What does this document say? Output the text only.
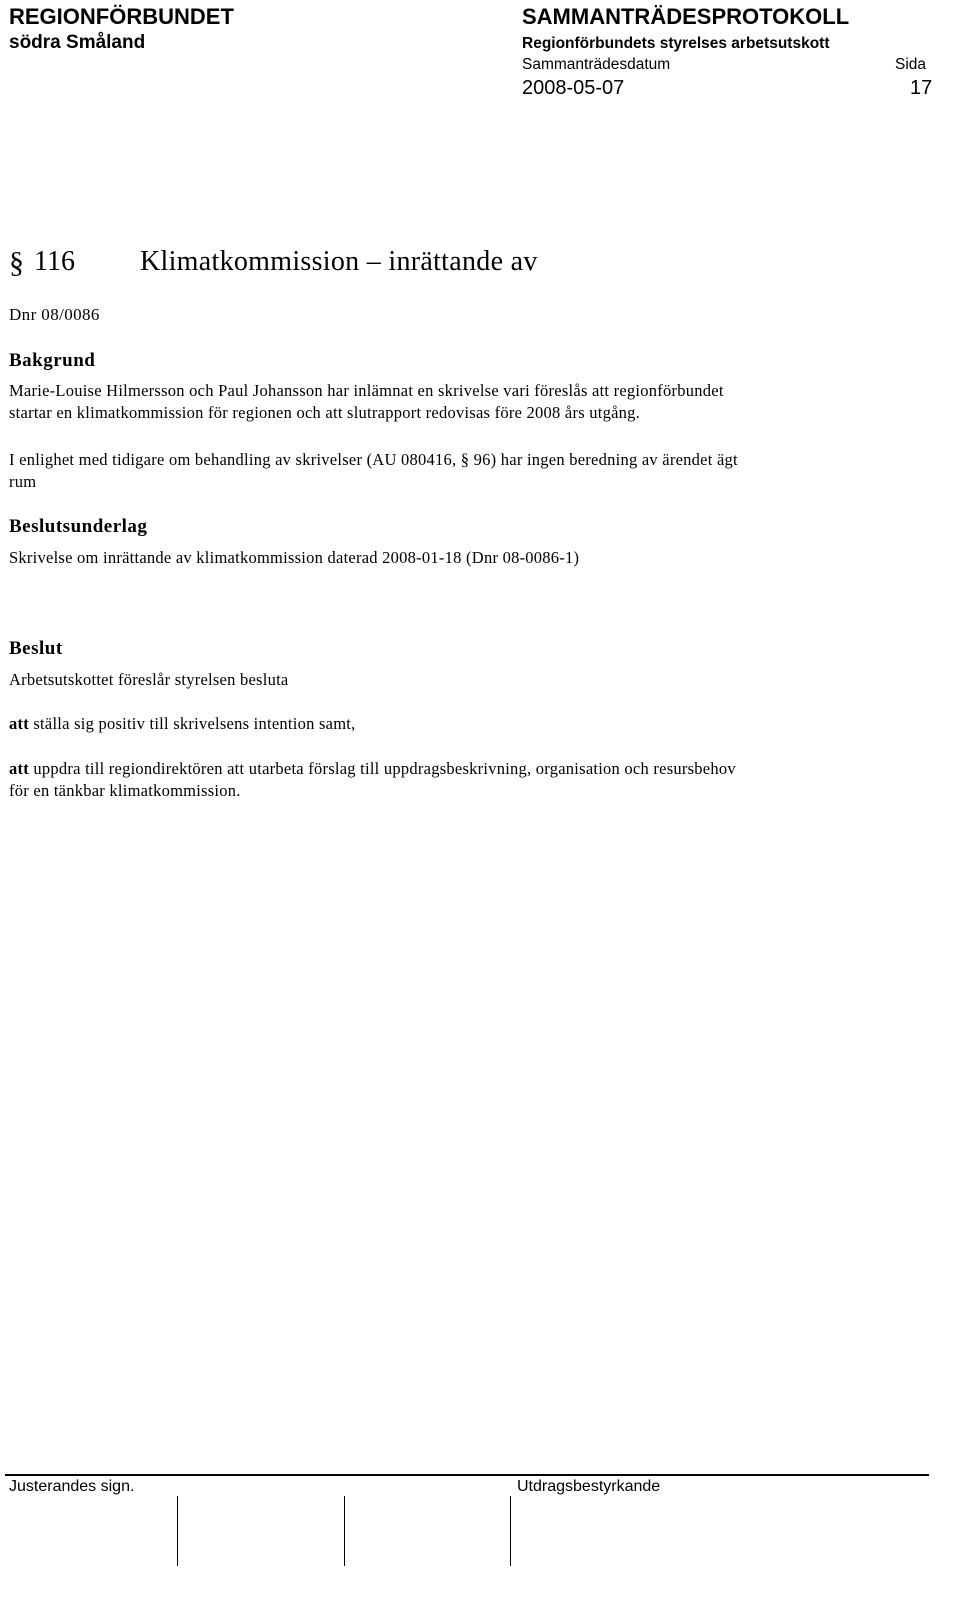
REGIONFÖRBUNDET
södra Småland
SAMMANTRÄDESPROTOKOLL
Regionförbundets styrelses arbetsutskott
Sammanträdesdatum	Sida
2008-05-07	17
§ 116 Klimatkommission – inrättande av
Dnr 08/0086
Bakgrund
Marie-Louise Hilmersson och Paul Johansson har inlämnat en skrivelse vari föreslås att regionförbundet
startar en klimatkommission för regionen och att slutrapport redovisas före 2008 års utgång.
I enlighet med tidigare om behandling av skrivelser (AU 080416, § 96) har ingen beredning av ärendet ägt
rum
Beslutsunderlag
Skrivelse om inrättande av klimatkommission daterad 2008-01-18 (Dnr 08-0086-1)
Beslut
Arbetsutskottet föreslår styrelsen besluta
att ställa sig positiv till skrivelsens intention samt,
att uppdra till regiondirektören att utarbeta förslag till uppdragsbeskrivning, organisation och resursbehov
för en tänkbar klimatkommission.
Justerandes sign.	Utdragsbestyrkande
